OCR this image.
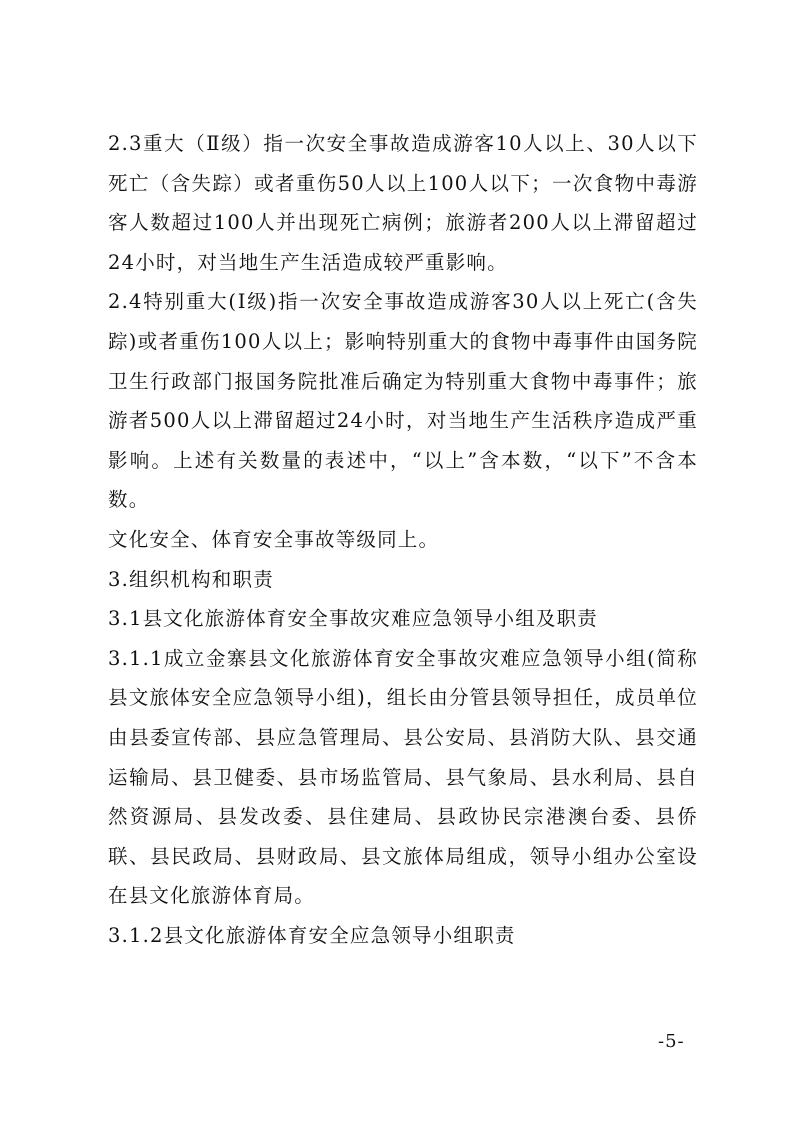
2.3重大（Ⅱ级）指一次安全事故造成游客10人以上、30人以下死亡（含失踪）或者重伤50人以上100人以下；一次食物中毒游客人数超过100人并出现死亡病例；旅游者200人以上滞留超过24小时，对当地生产生活造成较严重影响。

2.4特别重大(Ⅰ级)指一次安全事故造成游客30人以上死亡(含失踪)或者重伤100人以上；影响特别重大的食物中毒事件由国务院卫生行政部门报国务院批准后确定为特别重大食物中毒事件；旅游者500人以上滞留超过24小时，对当地生产生活秩序造成严重影响。上述有关数量的表述中，“以上”含本数，“以下”不含本数。

文化安全、体育安全事故等级同上。

3.组织机构和职责

3.1县文化旅游体育安全事故灾难应急领导小组及职责

3.1.1成立金寨县文化旅游体育安全事故灾难应急领导小组(简称县文旅体安全应急领导小组)，组长由分管县领导担任，成员单位由县委宣传部、县应急管理局、县公安局、县消防大队、县交通运输局、县卫健委、县市场监管局、县气象局、县水利局、县自然资源局、县发改委、县住建局、县政协民宗港澳台委、县侨联、县民政局、县财政局、县文旅体局组成，领导小组办公室设在县文化旅游体育局。

3.1.2县文化旅游体育安全应急领导小组职责

-5-
